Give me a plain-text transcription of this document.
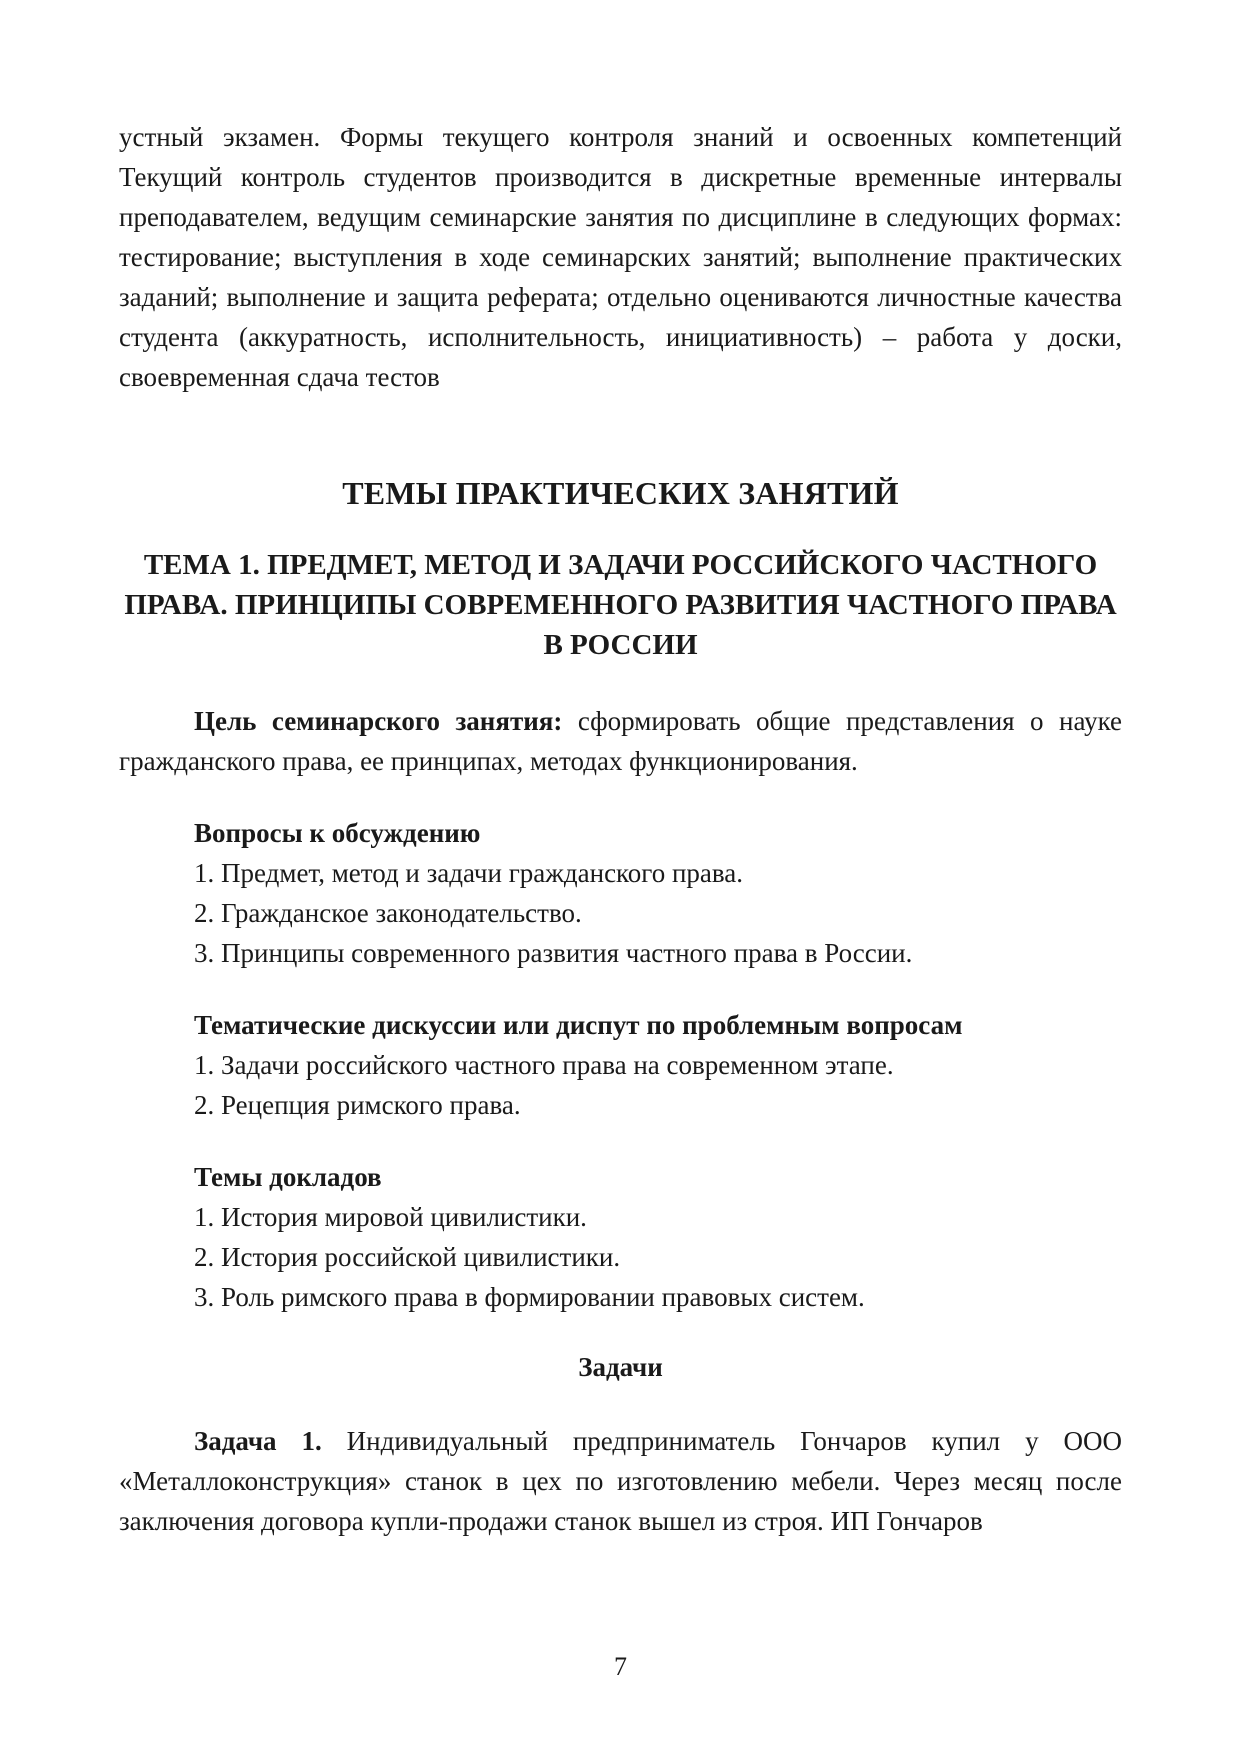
устный экзамен. Формы текущего контроля знаний и освоенных компетенций Текущий контроль студентов производится в дискретные временные интервалы преподавателем, ведущим семинарские занятия по дисциплине в следующих формах: тестирование; выступления в ходе семинарских занятий; выполнение практических заданий; выполнение и защита реферата; отдельно оцениваются личностные качества студента (аккуратность, исполнительность, инициативность) – работа у доски, своевременная сдача тестов

ТЕМЫ ПРАКТИЧЕСКИХ ЗАНЯТИЙ
ТЕМА 1. ПРЕДМЕТ, МЕТОД И ЗАДАЧИ РОССИЙСКОГО ЧАСТНОГО ПРАВА. ПРИНЦИПЫ СОВРЕМЕННОГО РАЗВИТИЯ ЧАСТНОГО ПРАВА В РОССИИ

Цель семинарского занятия: сформировать общие представления о науке гражданского права, ее принципах, методах функционирования.

Вопросы к обсуждению

1. Предмет, метод и задачи гражданского права.
2. Гражданское законодательство.
3. Принципы современного развития частного права в России.

Тематические дискуссии или диспут по проблемным вопросам

1. Задачи российского частного права на современном этапе.
2. Рецепция римского права.

Темы докладов

1. История мировой цивилистики.
2. История российской цивилистики.
3. Роль римского права в формировании правовых систем.

Задачи

Задача 1. Индивидуальный предприниматель Гончаров купил у ООО «Металлоконструкция» станок в цех по изготовлению мебели. Через месяц после заключения договора купли-продажи станок вышел из строя. ИП Гончаров

7
